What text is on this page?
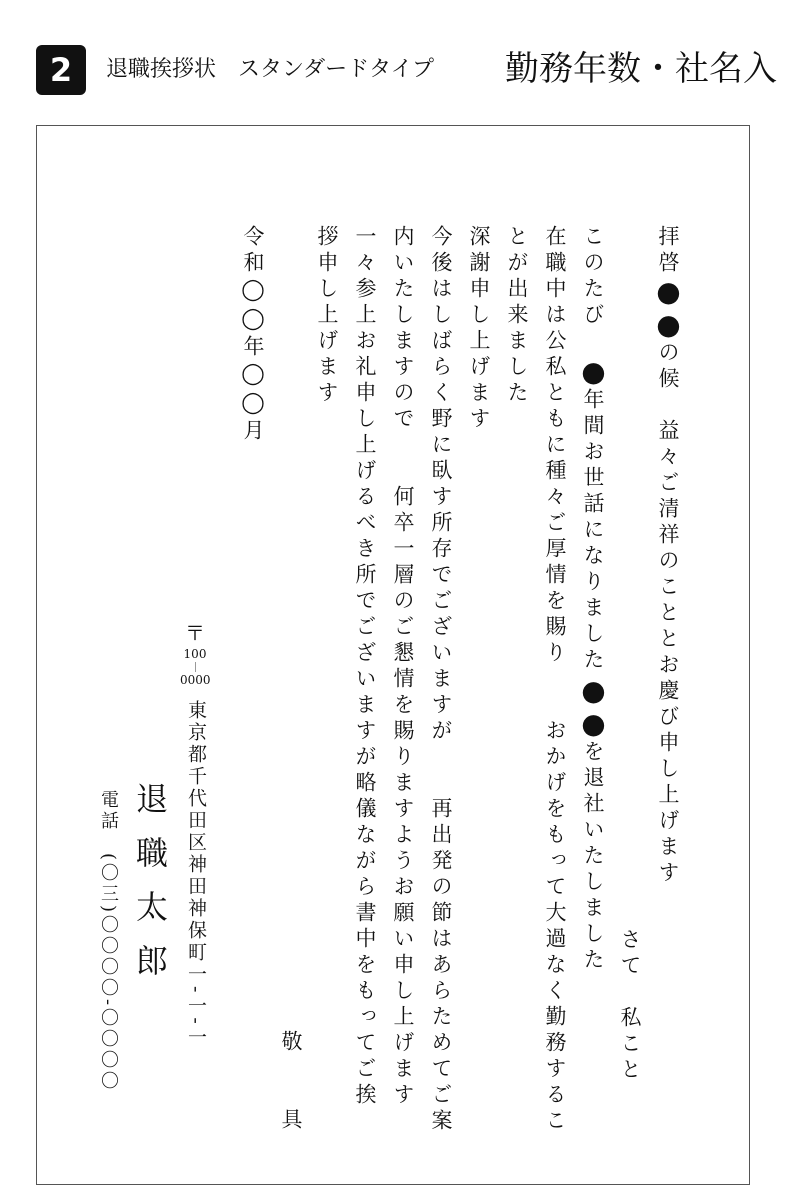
2	退職挨拶状　スタンダードタイプ 勤務年数・社名入
拝啓
●●の候　益々ご清祥のこととお慶び申し上げます
さて　私こと
このたび　●年間お世話になりました●●を退社いたしました
在職中は公私ともに種々ご厚情を賜り　　おかげをもって大過なく勤務するこ
とが出来ました
深謝申し上げます
今後はしばらく野に臥す所存でございますが　　再出発の節はあらためてご案
内いたしますので　　何卒一層のご懇情を賜りますようお願い申し上げます
一々参上お礼申し上げるべき所でございますが略儀ながら書中をもってご挨
拶申し上げます
敬　　具
令和◯◯年◯◯月
〒
100
0000
東京都千代田区神田神保町一-一-一
退職太郎
電話　(〇三)〇〇〇〇-〇〇〇〇
